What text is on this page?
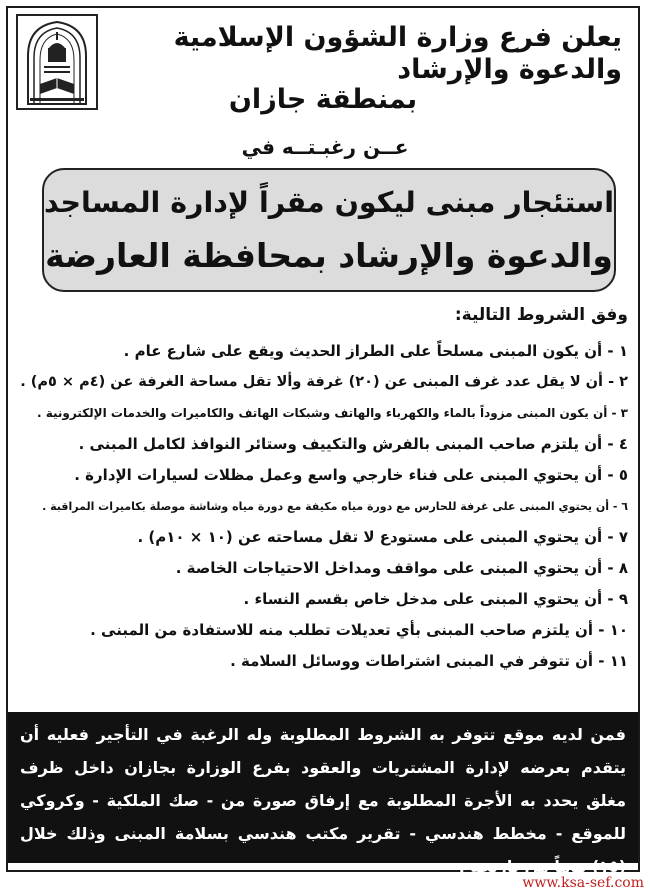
يعلن فرع وزارة الشؤون الإسلامية والدعوة والإرشاد
بمنطقة جازان
عــن رغبـتــه في
استئجار مبنى ليكون مقراً لإدارة المساجد
والدعوة والإرشاد بمحافظة العارضة
وفق الشروط التالية:
١ - أن يكون المبنى مسلحاً على الطراز الحديث ويقع على شارع عام .
٢ - أن لا يقل عدد غرف المبنى عن (٢٠) غرفة وألا تقل مساحة الغرفة عن (٤م × ٥م) .
٣ - أن يكون المبنى مزوداً بالماء والكهرباء والهاتف وشبكات الهاتف والكاميرات والخدمات الإلكترونية .
٤ - أن يلتزم صاحب المبنى بالفرش والتكييف وستائر النوافذ لكامل المبنى .
٥ - أن يحتوي المبنى على فناء خارجي واسع وعمل مظلات لسيارات الإدارة .
٦ - أن يحتوي المبنى على غرفة للحارس مع دورة مياه مكيفة مع دورة مياه وشاشة موصلة بكاميرات المراقبة .
٧ - أن يحتوي المبنى على مستودع لا تقل مساحته عن (١٠ × ١٠م) .
٨ - أن يحتوي المبنى على مواقف ومداخل الاحتياجات الخاصة .
٩ - أن يحتوي المبنى على مدخل خاص بقسم النساء .
١٠ - أن يلتزم صاحب المبنى بأي تعديلات تطلب منه للاستفادة من المبنى .
١١ - أن تتوفر في المبنى اشتراطات ووسائل السلامة .
فمن لديه موقع تتوفر به الشروط المطلوبة وله الرغبة في التأجير فعليه أن يتقدم بعرضه لإدارة المشتريات والعقود بفرع الوزارة بجازان داخل ظرف مغلق يحدد به الأجرة المطلوبة مع إرفاق صورة من - صك الملكية - وكروكي للموقع - مخطط هندسي - تقرير مكتب هندسي بسلامة المبنى وذلك خلال (١٥) يوماً من تاريخه .
www.ksa-sef.com
